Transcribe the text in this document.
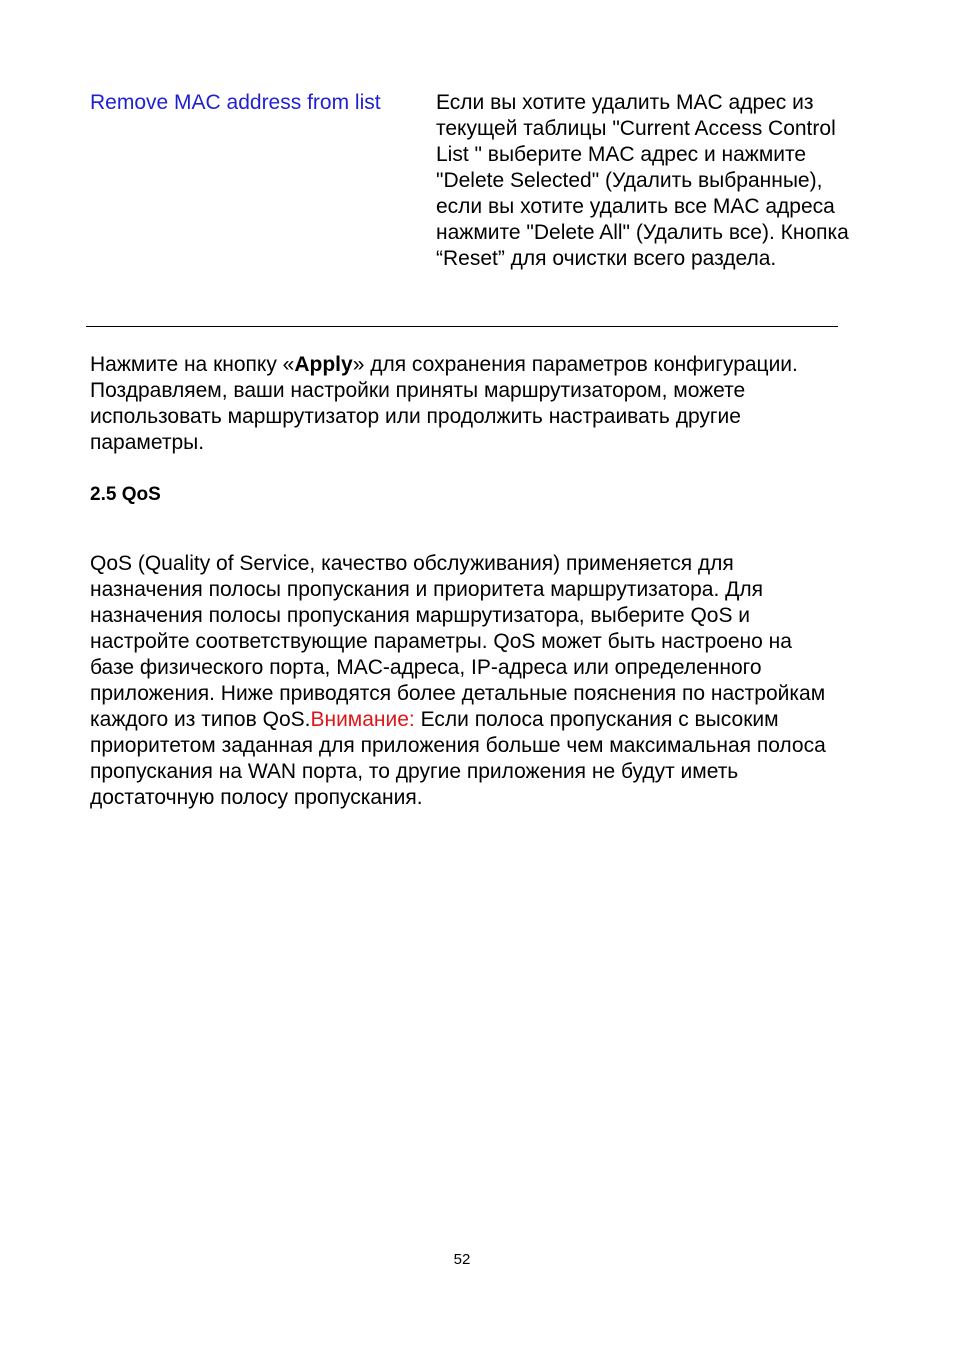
Remove MAC address from list	Если вы хотите удалить MAC адрес из текущей таблицы "Current Access Control List " выберите MAC адрес и нажмите "Delete Selected" (Удалить выбранные), если вы хотите удалить все MAC адреса нажмите "Delete All" (Удалить все). Кнопка “Reset” для очистки всего раздела.

Нажмите на кнопку «Apply» для сохранения параметров конфигурации. Поздравляем, ваши настройки приняты маршрутизатором, можете использовать маршрутизатор или продолжить настраивать другие параметры.

2.5 QoS

QoS (Quality of Service, качество обслуживания) применяется для назначения полосы пропускания и приоритета маршрутизатора. Для назначения полосы пропускания маршрутизатора, выберите QoS и настройте соответствующие параметры. QoS может быть настроено на базе физического порта, MAC-адреса, IP-адреса или определенного приложения. Ниже приводятся более детальные пояснения по настройкам каждого из типов QoS.Внимание: Если полоса пропускания с высоким приоритетом заданная для приложения больше чем максимальная полоса пропускания на WAN порта, то другие приложения не будут иметь достаточную полосу пропускания.

52
